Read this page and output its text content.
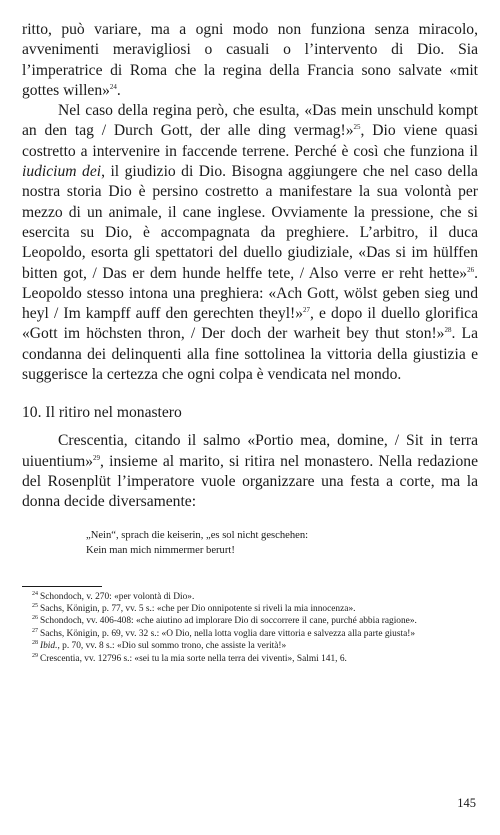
ritto, può variare, ma a ogni modo non funziona senza miracolo, avvenimenti meravigliosi o casuali o l’intervento di Dio. Sia l’imperatrice di Roma che la regina della Francia sono salvate «mit gottes willen»$^{24}$.

Nel caso della regina però, che esulta, «Das mein unschuld kompt an den tag / Durch Gott, der alle ding vermag!»$^{25}$, Dio viene quasi costretto a intervenire in faccende terrene. Perché è così che funziona il iudicium dei, il giudizio di Dio. Bisogna aggiungere che nel caso della nostra storia Dio è persino costretto a manifestare la sua volontà per mezzo di un animale, il cane inglese. Ovviamente la pressione, che si esercita su Dio, è accompagnata da preghiere. L’arbitro, il duca Leopoldo, esorta gli spettatori del duello giudiziale, «Das si im hülffen bitten got, / Das er dem hunde helffe tete, / Also verre er reht hette»$^{26}$. Leopoldo stesso intona una preghiera: «Ach Gott, wölst geben sieg und heyl / Im kampff auff den gerechten theyl!»$^{27}$, e dopo il duello glorifica «Gott im höchsten thron, / Der doch der warheit bey thut ston!»$^{28}$. La condanna dei delinquenti alla fine sottolinea la vittoria della giustizia e suggerisce la certezza che ogni colpa è vendicata nel mondo.

10. Il ritiro nel monastero

Crescentia, citando il salmo «Portio mea, domine, / Sit in terra uiuentium»$^{29}$, insieme al marito, si ritira nel monastero. Nella redazione del Rosenplüt l’imperatore vuole organizzare una festa a corte, ma la donna decide diversamente:

„Nein“, sprach die keiserin, „es sol nicht geschehen:
Kein man mich nimmermer berurt!

$^{24}$ Schondoch, v. 270: «per volontà di Dio».

$^{25}$ Sachs, Königin, p. 77, vv. 5 s.: «che per Dio onnipotente si riveli la mia innocenza».

$^{26}$ Schondoch, vv. 406-408: «che aiutino ad implorare Dio di soccorrere il cane, purché abbia ragione».

$^{27}$ Sachs, Königin, p. 69, vv. 32 s.: «O Dio, nella lotta voglia dare vittoria e salvezza alla parte giusta!»

$^{28}$ Ibid., p. 70, vv. 8 s.: «Dio sul sommo trono, che assiste la verità!»

$^{29}$ Crescentia, vv. 12796 s.: «sei tu la mia sorte nella terra dei viventi», Salmi 141, 6.

145
